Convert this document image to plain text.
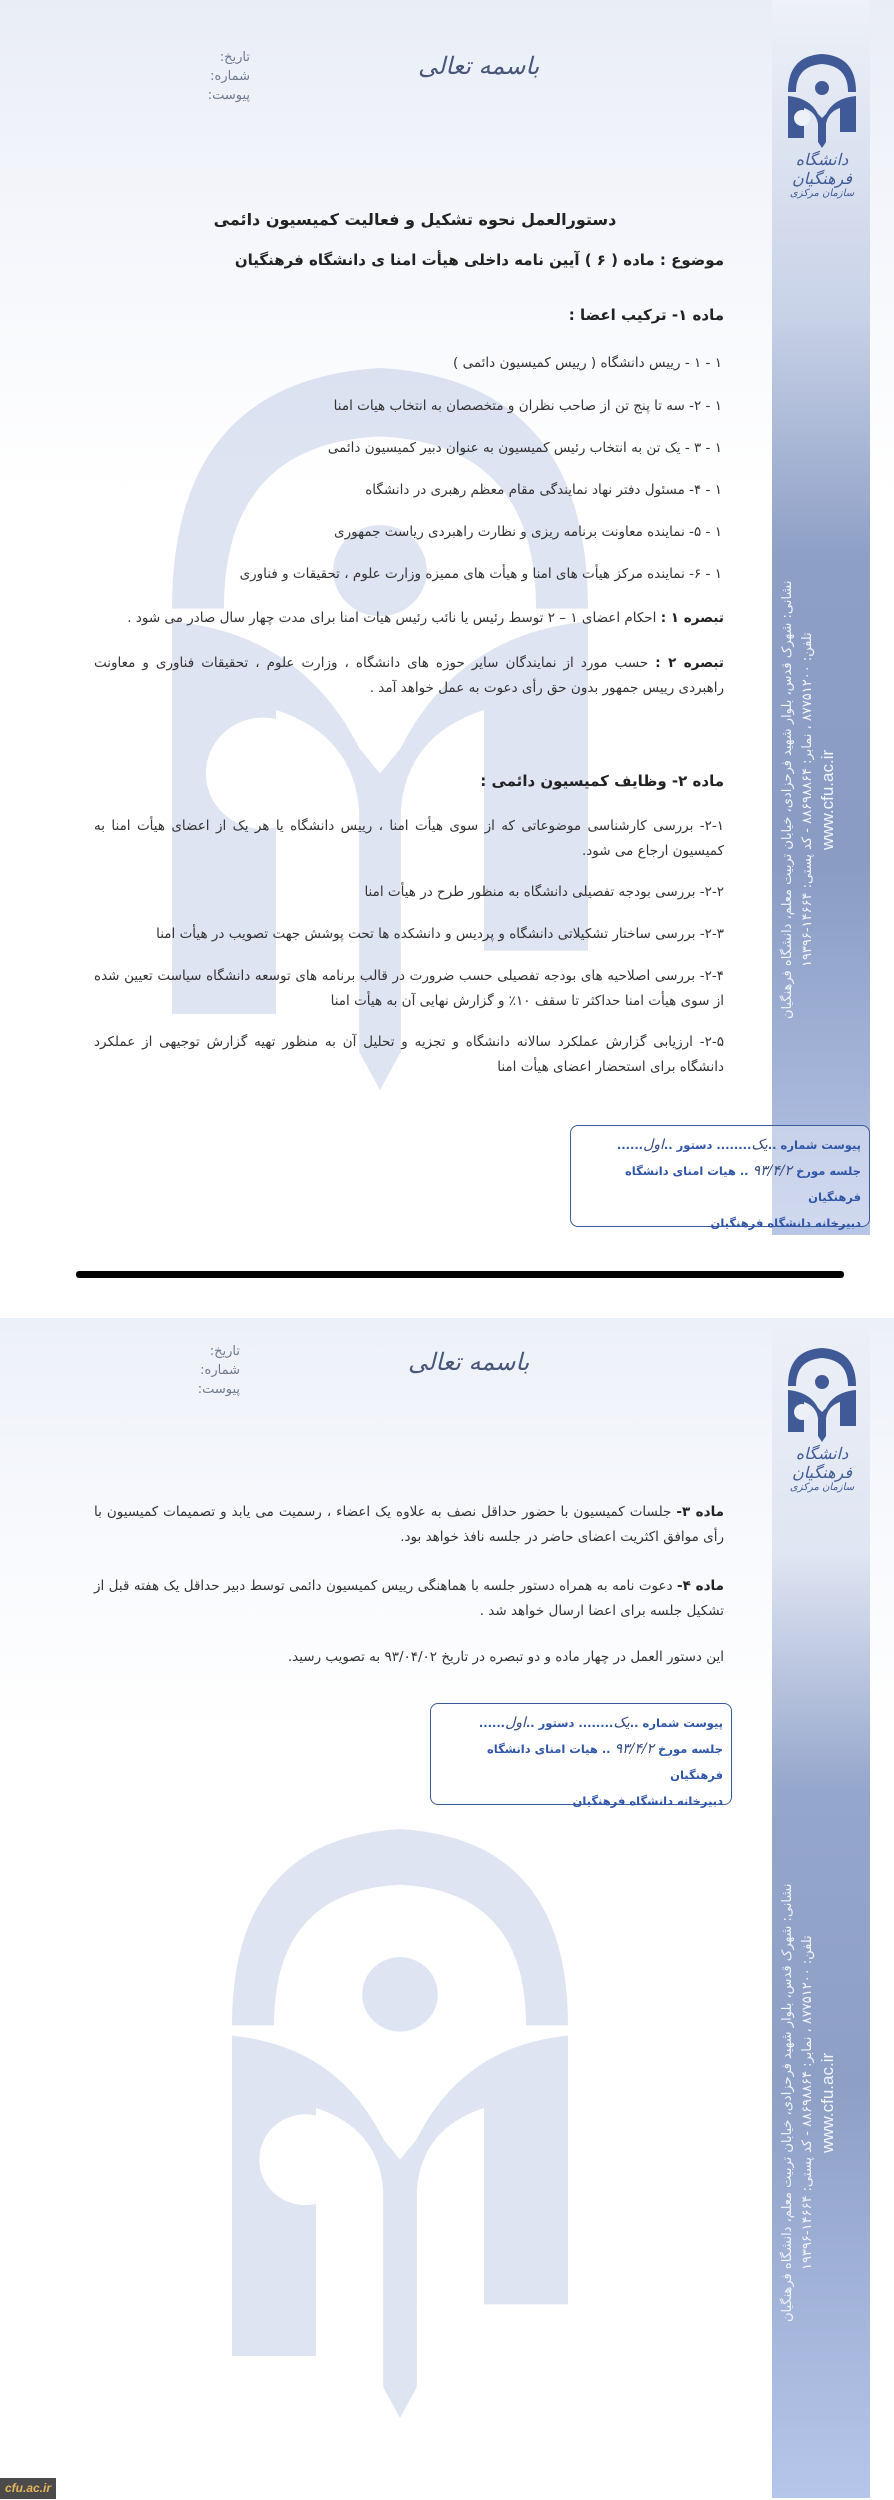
باسمه تعالی
تاریخ:
شماره:
پیوست:
دانشگاه فرهنگیان
سازمان مرکزی
نشانی: شهرک قدس، بلوار شهید فرحزادی، خیابان تربیت معلم، دانشگاه فرهنگیان تلفن: ۸۷۷۵۱۲۰۰ ، نمابر: ۸۸۶۹۸۸۶۴ - کد پستی: ۱۴۶۶۴-۱۹۳۹۶
www.cfu.ac.ir
دستورالعمل نحوه تشکیل و فعالیت کمیسیون دائمی
موضوع : ماده ( ۶ ) آیین نامه داخلی هیأت امنا ی دانشگاه فرهنگیان
ماده ۱- ترکیب اعضا :
۱ - ۱ - رییس دانشگاه ( رییس کمیسیون دائمی )
۱ - ۲- سه تا پنج تن از صاحب نظران و متخصصان به انتخاب هیات امنا
۱ - ۳ - یک تن به انتخاب رئیس کمیسیون به عنوان دبیر کمیسیون دائمی
۱ - ۴- مسئول دفتر نهاد نمایندگی مقام معظم رهبری در دانشگاه
۱ - ۵- نماینده معاونت برنامه ریزی و نظارت راهبردی ریاست جمهوری
۱ - ۶- نماینده مرکز هیأت های امنا و هیأت های ممیزه وزارت علوم ، تحقیقات و فناوری
تبصره ۱ : احکام اعضای ۱ – ۲ توسط رئیس یا نائب رئیس هیات امنا برای مدت چهار سال صادر می شود .
تبصره ۲ : حسب مورد از نمایندگان سایر حوزه های دانشگاه ، وزارت علوم ، تحقیقات فناوری و معاونت راهبردی رییس جمهور بدون حق رأی دعوت به عمل خواهد آمد .
ماده ۲- وظایف کمیسیون دائمی :
۲-۱- بررسی کارشناسی موضوعاتی که از سوی هیأت امنا ، رییس دانشگاه یا هر یک از اعضای هیأت امنا به کمیسیون ارجاع می شود.
۲-۲- بررسی بودجه تفصیلی دانشگاه به منظور طرح در هیأت امنا
۲-۳- بررسی ساختار تشکیلاتی دانشگاه و پردیس و دانشکده ها تحت پوشش جهت تصویب در هیأت امنا
۲-۴- بررسی اصلاحیه های بودجه تفصیلی حسب ضرورت در قالب برنامه های توسعه دانشگاه سیاست تعیین شده از سوی هیأت امنا حداکثر تا سقف ۱۰٪ و گزارش نهایی آن به هیأت امنا
۲-۵- ارزیابی گزارش عملکرد سالانه دانشگاه و تجزیه و تحلیل آن به منظور تهیه گزارش توجیهی از عملکرد دانشگاه برای استحضار اعضای هیأت امنا
پیوست شماره ..یک........ دستور ..اول......
جلسه مورخ ۹۳/۴/۲ .. هیات امنای دانشگاه فرهنگیان
دبیرخانه دانشگاه فرهنگیان
باسمه تعالی
تاریخ:
شماره:
پیوست:
دانشگاه فرهنگیان
سازمان مرکزی
نشانی: شهرک قدس، بلوار شهید فرحزادی، خیابان تربیت معلم، دانشگاه فرهنگیان تلفن: ۸۷۷۵۱۲۰۰ ، نمابر: ۸۸۶۹۸۸۶۴ - کد پستی: ۱۴۶۶۴-۱۹۳۹۶
www.cfu.ac.ir
ماده ۳- جلسات کمیسیون با حضور حداقل نصف به علاوه یک اعضاء ، رسمیت می یابد و تصمیمات کمیسیون با رأی موافق اکثریت اعضای حاضر در جلسه نافذ خواهد بود.
ماده ۴- دعوت نامه به همراه دستور جلسه با هماهنگی رییس کمیسیون دائمی توسط دبیر حداقل یک هفته قبل از تشکیل جلسه برای اعضا ارسال خواهد شد .
این دستور العمل در چهار ماده و دو تبصره در تاریخ ۹۳/۰۴/۰۲ به تصویب رسید.
پیوست شماره ..یک........ دستور ..اول......
جلسه مورخ ۹۳/۴/۲ .. هیات امنای دانشگاه فرهنگیان
دبیرخانه دانشگاه فرهنگیان
cfu.ac.ir
